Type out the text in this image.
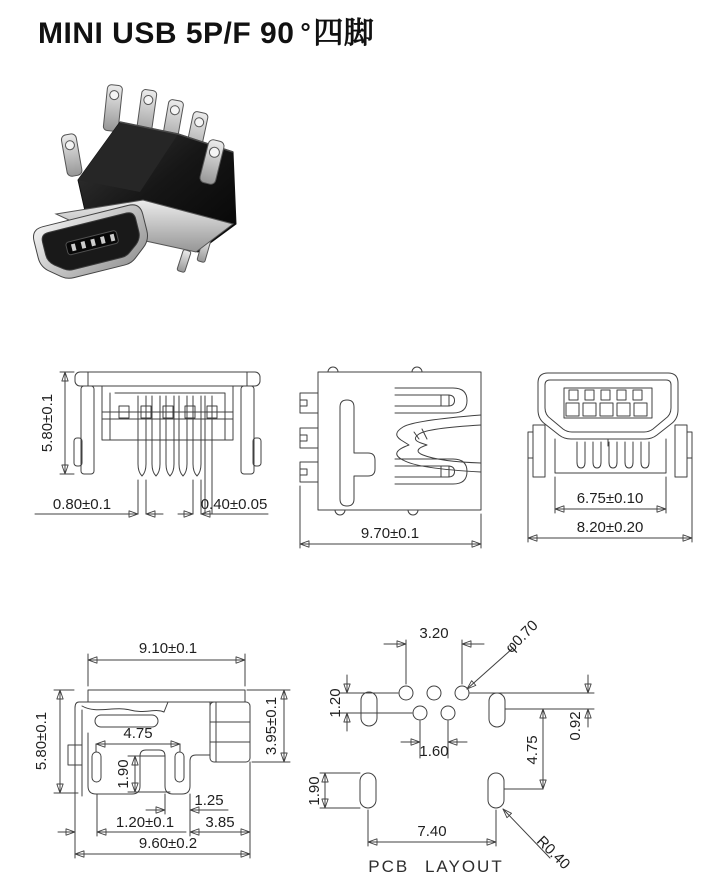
MINI USB 5P/F 90 °四脚
5.80±0.1
0.80±0.1	0.40±0.05
9.70±0.1
6.75±0.10
8.20±0.20
9.10±0.1
5.80±0.1	3.95±0.1
4.75
1.90
1.25
1.20±0.1 3.85
9.60±0.2
3.20	φ0.70
1.20
1.60
0.92
4.75
1.90
7.40
R0.40
PCB LAYOUT
